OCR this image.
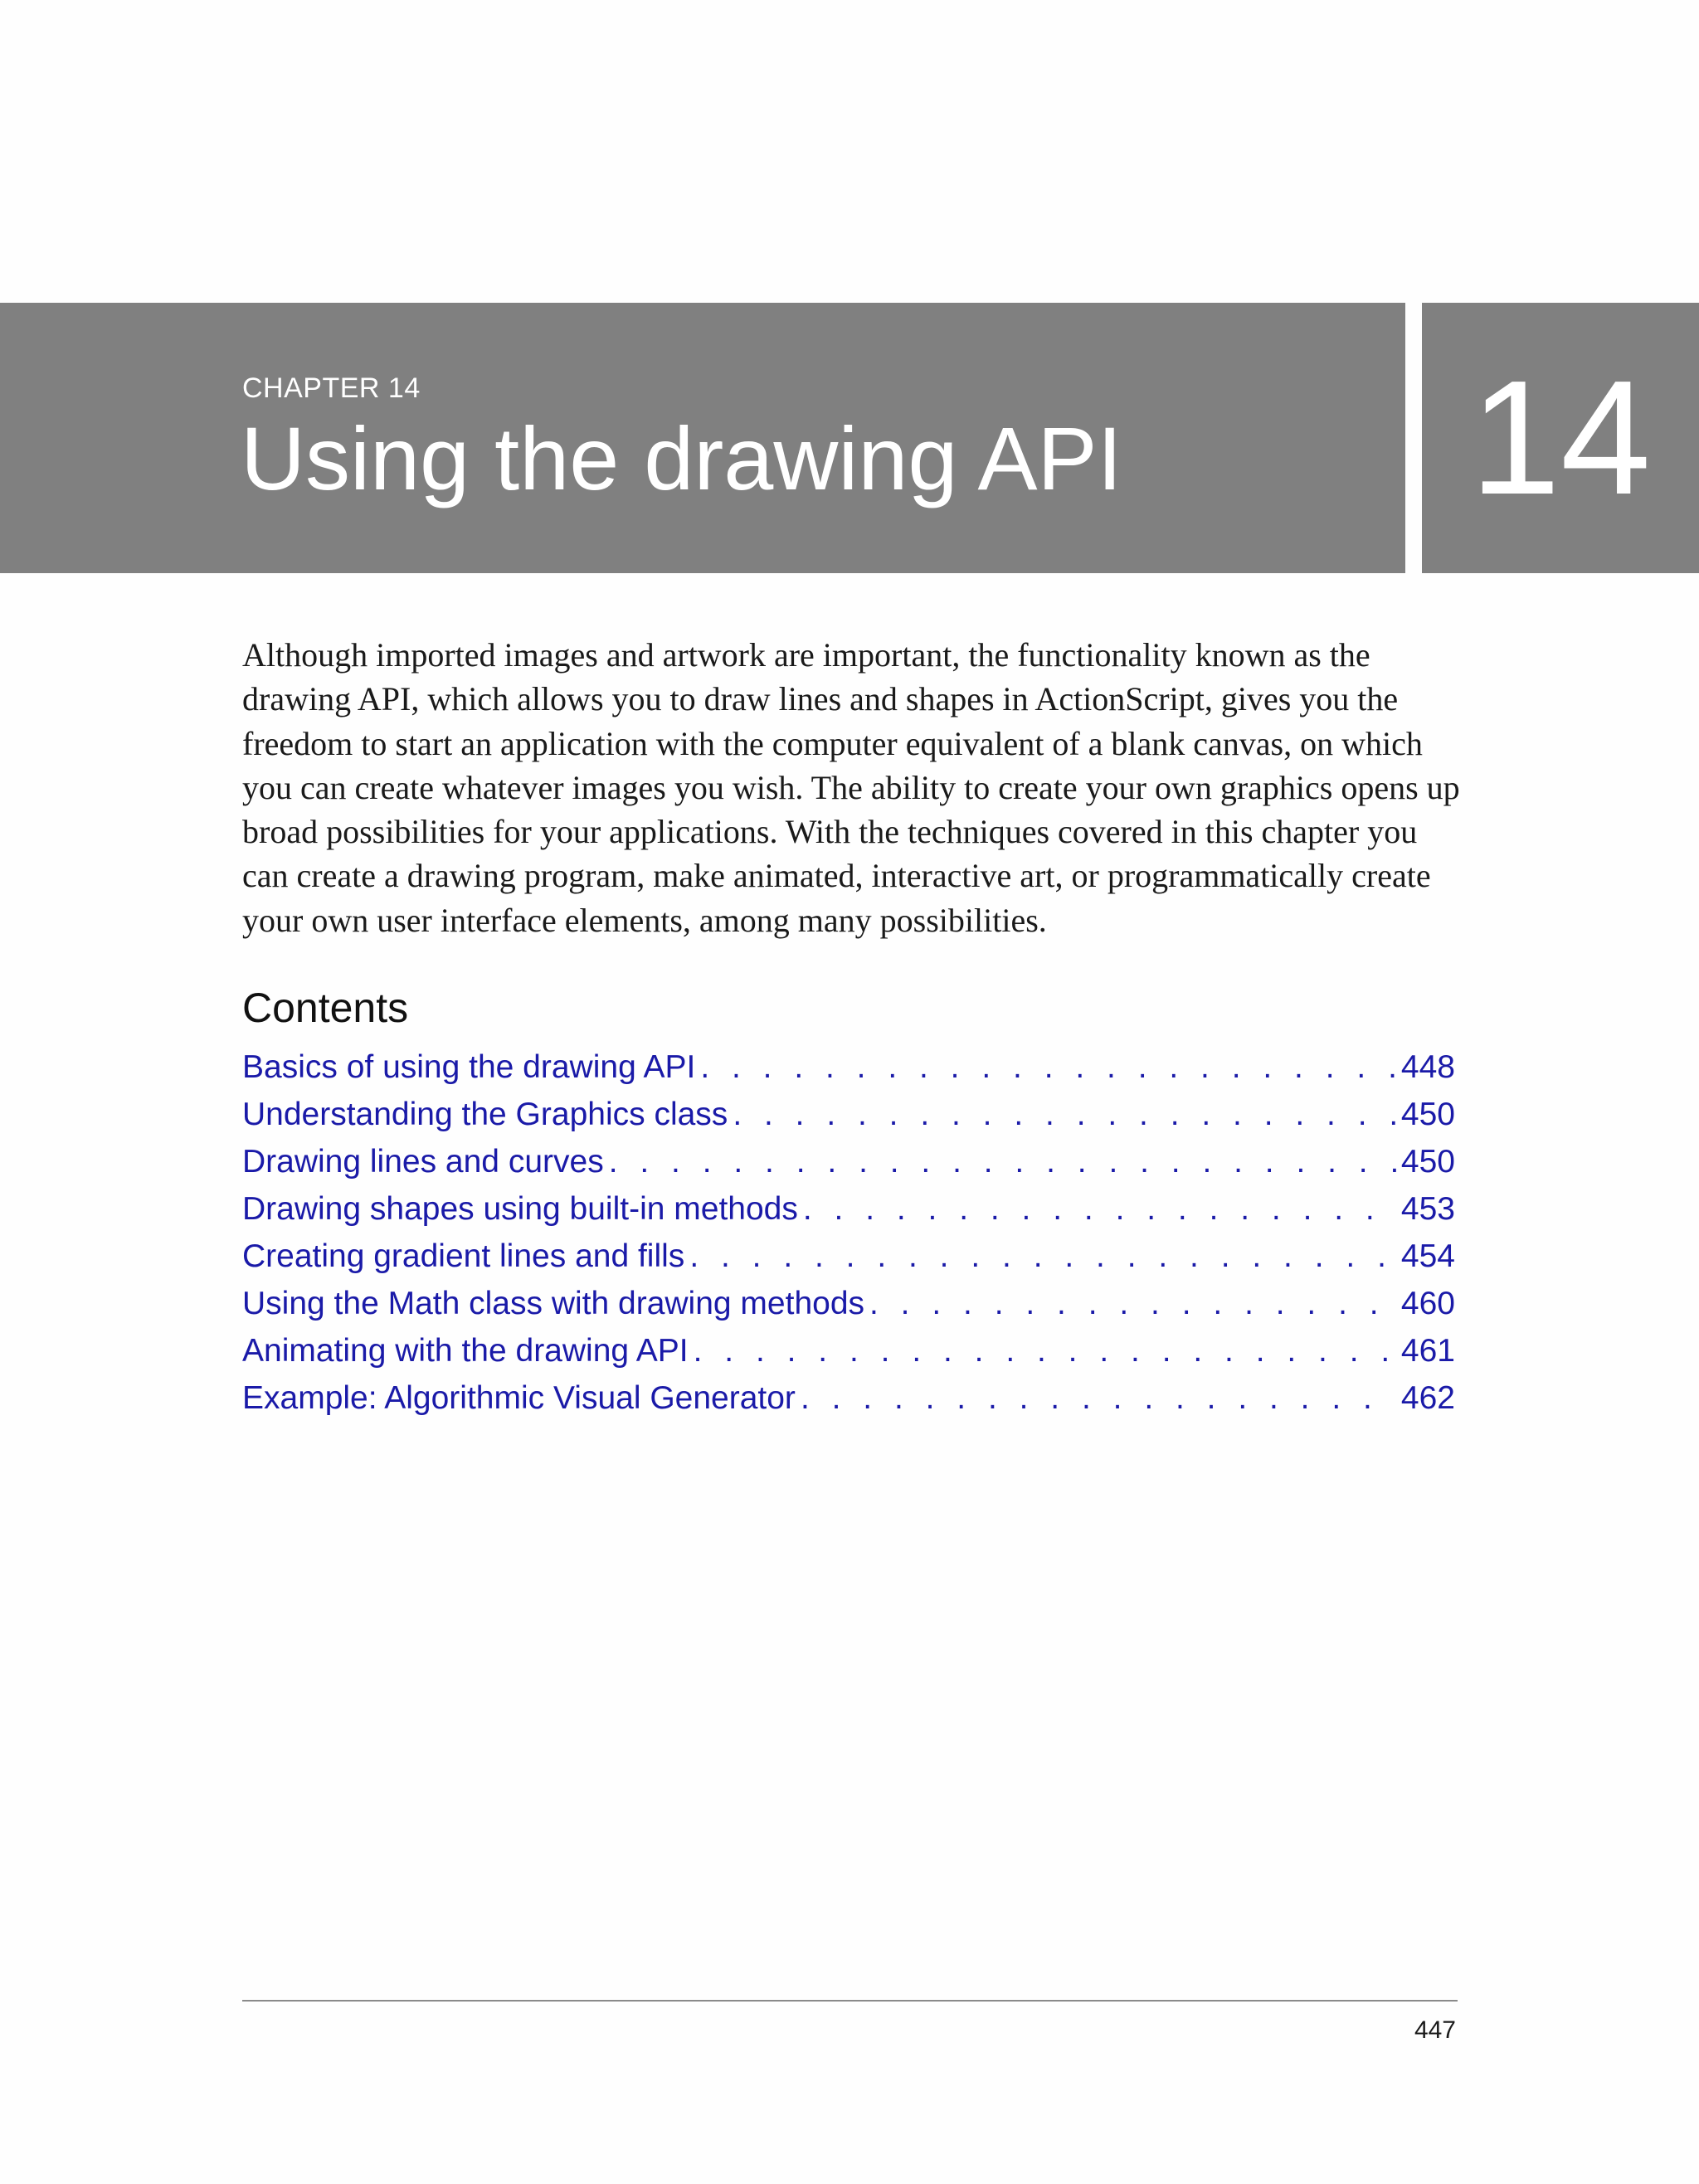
CHAPTER 14
Using the drawing API 14

Although imported images and artwork are important, the functionality known as the drawing API, which allows you to draw lines and shapes in ActionScript, gives you the freedom to start an application with the computer equivalent of a blank canvas, on which you can create whatever images you wish. The ability to create your own graphics opens up broad possibilities for your applications. With the techniques covered in this chapter you can create a drawing program, make animated, interactive art, or programmatically create your own user interface elements, among many possibilities.

Contents
Basics of using the drawing API . . .	448
Understanding the Graphics class . . .	450
Drawing lines and curves . . .	450
Drawing shapes using built-in methods . . .	453
Creating gradient lines and fills . . .	454
Using the Math class with drawing methods . . .	460
Animating with the drawing API . . .	461
Example: Algorithmic Visual Generator . . .	462
447
